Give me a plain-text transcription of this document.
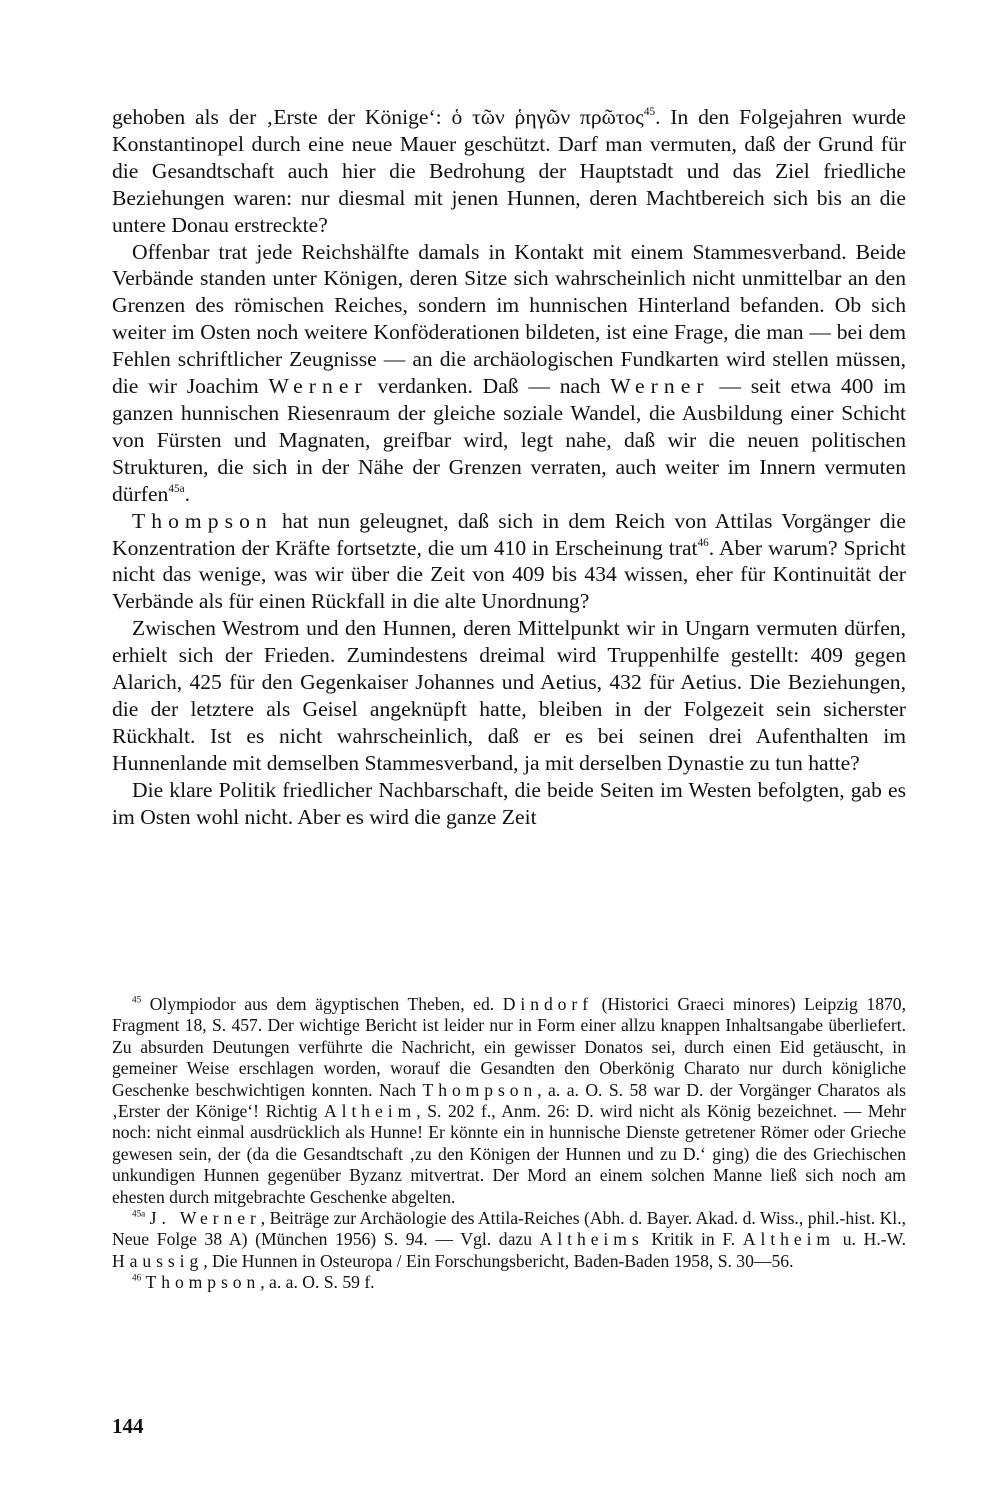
gehoben als der ‚Erste der Könige‘: ὁ τῶν ῥηγῶν πρῶτος$^{45}$. In den Folgejahren wurde Konstantinopel durch eine neue Mauer geschützt. Darf man vermuten, daß der Grund für die Gesandtschaft auch hier die Bedrohung der Hauptstadt und das Ziel friedliche Beziehungen waren: nur diesmal mit jenen Hunnen, deren Machtbereich sich bis an die untere Donau erstreckte?

Offenbar trat jede Reichshälfte damals in Kontakt mit einem Stammesverband. Beide Verbände standen unter Königen, deren Sitze sich wahrscheinlich nicht unmittelbar an den Grenzen des römischen Reiches, sondern im hunnischen Hinterland befanden. Ob sich weiter im Osten noch weitere Konföderationen bildeten, ist eine Frage, die man — bei dem Fehlen schriftlicher Zeugnisse — an die archäologischen Fundkarten wird stellen müssen, die wir Joachim Werner verdanken. Daß — nach Werner — seit etwa 400 im ganzen hunnischen Riesenraum der gleiche soziale Wandel, die Ausbildung einer Schicht von Fürsten und Magnaten, greifbar wird, legt nahe, daß wir die neuen politischen Strukturen, die sich in der Nähe der Grenzen verraten, auch weiter im Innern vermuten dürfen$^{45a}$.

Thompson hat nun geleugnet, daß sich in dem Reich von Attilas Vorgänger die Konzentration der Kräfte fortsetzte, die um 410 in Erscheinung trat$^{46}$. Aber warum? Spricht nicht das wenige, was wir über die Zeit von 409 bis 434 wissen, eher für Kontinuität der Verbände als für einen Rückfall in die alte Unordnung?

Zwischen Westrom und den Hunnen, deren Mittelpunkt wir in Ungarn vermuten dürfen, erhielt sich der Frieden. Zumindestens dreimal wird Truppenhilfe gestellt: 409 gegen Alarich, 425 für den Gegenkaiser Johannes und Aetius, 432 für Aetius. Die Beziehungen, die der letztere als Geisel angeknüpft hatte, bleiben in der Folgezeit sein sicherster Rückhalt. Ist es nicht wahrscheinlich, daß er es bei seinen drei Aufenthalten im Hunnenlande mit demselben Stammesverband, ja mit derselben Dynastie zu tun hatte?

Die klare Politik friedlicher Nachbarschaft, die beide Seiten im Westen befolgten, gab es im Osten wohl nicht. Aber es wird die ganze Zeit

$^{45}$ Olympiodor aus dem ägyptischen Theben, ed. Dindorf (Historici Graeci minores) Leipzig 1870, Fragment 18, S. 457. Der wichtige Bericht ist leider nur in Form einer allzu knappen Inhaltsangabe überliefert. Zu absurden Deutungen verführte die Nachricht, ein gewisser Donatos sei, durch einen Eid getäuscht, in gemeiner Weise erschlagen worden, worauf die Gesandten den Oberkönig Charato nur durch königliche Geschenke beschwichtigen konnten. Nach Thompson, a. a. O. S. 58 war D. der Vorgänger Charatos als ‚Erster der Könige‘! Richtig Altheim, S. 202 f., Anm. 26: D. wird nicht als König bezeichnet. — Mehr noch: nicht einmal ausdrücklich als Hunne! Er könnte ein in hunnische Dienste getretener Römer oder Grieche gewesen sein, der (da die Gesandtschaft ‚zu den Königen der Hunnen und zu D.‘ ging) die des Griechischen unkundigen Hunnen gegenüber Byzanz mitvertrat. Der Mord an einem solchen Manne ließ sich noch am ehesten durch mitgebrachte Geschenke abgelten.

$^{45a}$ J. Werner, Beiträge zur Archäologie des Attila-Reiches (Abh. d. Bayer. Akad. d. Wiss., phil.-hist. Kl., Neue Folge 38 A) (München 1956) S. 94. — Vgl. dazu Altheims Kritik in F. Altheim u. H.-W. Haussig, Die Hunnen in Osteuropa / Ein Forschungsbericht, Baden-Baden 1958, S. 30—56.

$^{46}$ Thompson, a. a. O. S. 59 f.

144
